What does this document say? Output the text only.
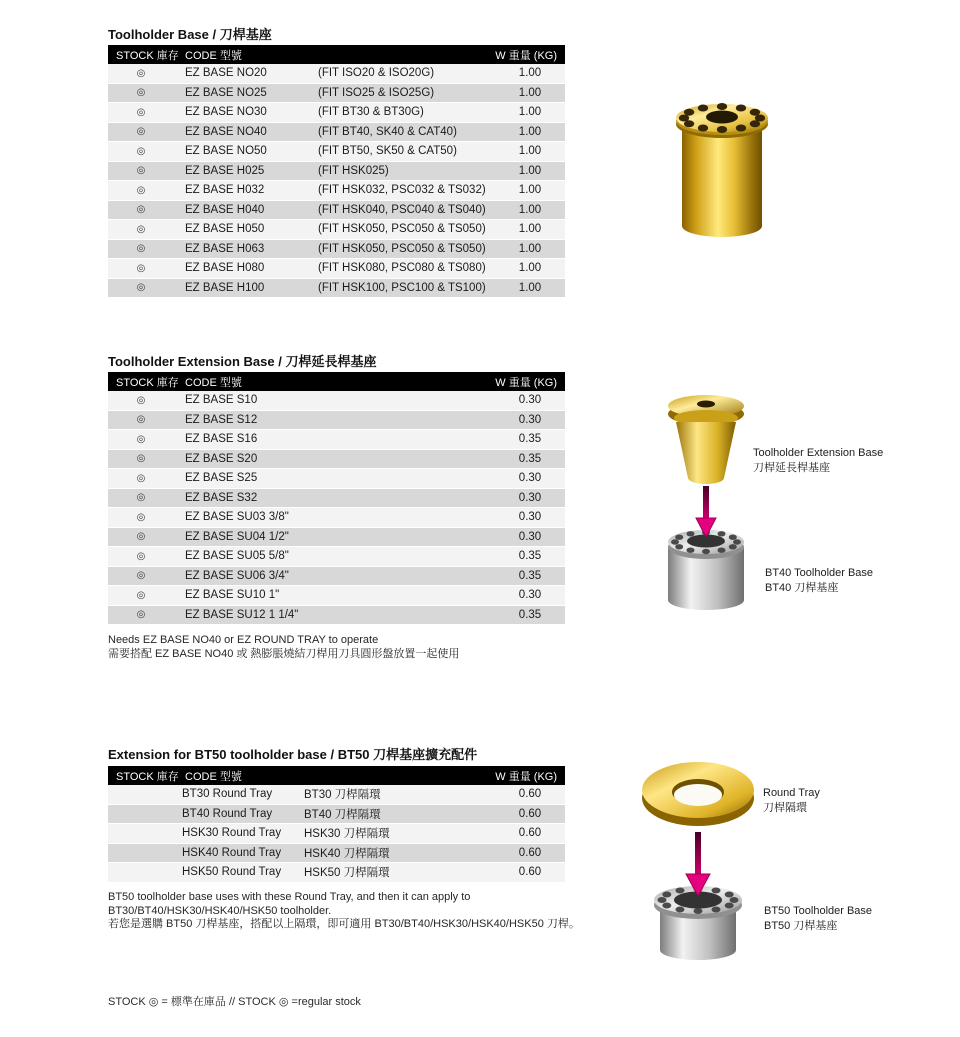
Toolholder Base / 刀桿基座
STOCK 庫存 CODE 型號	W 重量 (KG)
◎	EZ BASE NO20	(FIT ISO20 & ISO20G)	1.00
◎	EZ BASE NO25	(FIT ISO25 & ISO25G)	1.00
◎	EZ BASE NO30	(FIT BT30 & BT30G)	1.00
◎	EZ BASE NO40	(FIT BT40, SK40 & CAT40)	1.00
◎	EZ BASE NO50	(FIT BT50, SK50 & CAT50)	1.00
◎	EZ BASE H025	(FIT HSK025)	1.00
◎	EZ BASE H032	(FIT HSK032, PSC032 & TS032)	1.00
◎	EZ BASE H040	(FIT HSK040, PSC040 & TS040)	1.00
◎	EZ BASE H050	(FIT HSK050, PSC050 & TS050)	1.00
◎	EZ BASE H063	(FIT HSK050, PSC050 & TS050)	1.00
◎	EZ BASE H080	(FIT HSK080, PSC080 & TS080)	1.00
◎	EZ BASE H100	(FIT HSK100, PSC100 & TS100)	1.00
Toolholder Extension Base / 刀桿延長桿基座
STOCK 庫存 CODE 型號	W 重量 (KG)
◎	EZ BASE S10	0.30
◎	EZ BASE S12	0.30
◎	EZ BASE S16	0.35
◎	EZ BASE S20	0.35
◎	EZ BASE S25	0.30
◎	EZ BASE S32	0.30
◎	EZ BASE SU03 3/8"	0.30
◎	EZ BASE SU04 1/2"	0.30
◎	EZ BASE SU05 5/8"	0.35
◎	EZ BASE SU06 3/4"	0.35
◎	EZ BASE SU10 1"	0.30
◎	EZ BASE SU12 1 1/4"	0.35
Needs EZ BASE NO40 or EZ ROUND TRAY to operate
需要搭配 EZ BASE NO40 或 熱膨脹燒結刀桿用刀具圓形盤放置一起使用
Extension for BT50 toolholder base / BT50 刀桿基座擴充配件
STOCK 庫存 CODE 型號	W 重量 (KG)
BT30 Round Tray	BT30 刀桿隔環	0.60
BT40 Round Tray	BT40 刀桿隔環	0.60
HSK30 Round Tray	HSK30 刀桿隔環	0.60
HSK40 Round Tray	HSK40 刀桿隔環	0.60
HSK50 Round Tray	HSK50 刀桿隔環	0.60
BT50 toolholder base uses with these Round Tray, and then it can apply to BT30/BT40/HSK30/HSK40/HSK50 toolholder.
若您是選購 BT50 刀桿基座，搭配以上隔環，即可適用 BT30/BT40/HSK30/HSK40/HSK50 刀桿。
Toolholder Extension Base
刀桿延長桿基座
BT40 Toolholder Base
BT40 刀桿基座
Round Tray
刀桿隔環
BT50 Toolholder Base
BT50 刀桿基座
STOCK ◎ = 標準在庫品 // STOCK ◎ =regular stock
